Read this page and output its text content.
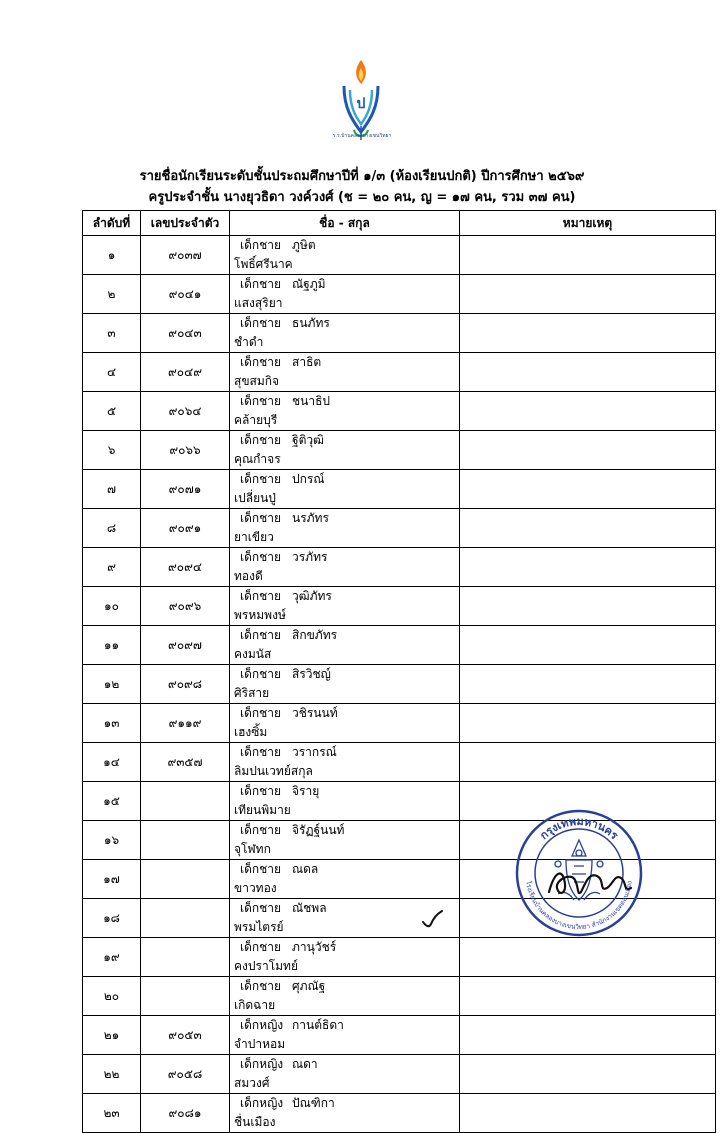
ป
ร.ร.บ้านคลองบางเขนวิทยา
รายชื่อนักเรียนระดับชั้นประถมศึกษาปีที่ ๑/๓ (ห้องเรียนปกติ) ปีการศึกษา ๒๕๖๙
ครูประจำชั้น นางยุวธิดา วงค์วงศ์ (ช = ๒๐ คน, ญ = ๑๗ คน, รวม ๓๗ คน)
ลำดับที่	เลขประจำตัว	ชื่อ - สกุล	หมายเหตุ
๑	๙๐๓๗	เด็กชาย ภูษิตโพธิ์ศรีนาค	
๒	๙๐๔๑	เด็กชาย ณัฐภูมิแสงสุริยา	
๓	๙๐๔๓	เด็กชาย ธนภัทรชำดำ	
๔	๙๐๔๙	เด็กชาย สาธิตสุขสมกิจ	
๕	๙๐๖๔	เด็กชาย ชนาธิปคล้ายบุรี	
๖	๙๐๖๖	เด็กชาย ฐิติวุฒิคุณกำจร	
๗	๙๐๗๑	เด็กชาย ปกรณ์เปลี่ยนปู่	
๘	๙๐๙๑	เด็กชาย นรภัทรยาเขียว	
๙	๙๐๙๔	เด็กชาย วรภัทรทองดี	
๑๐	๙๐๙๖	เด็กชาย วุฒิภัทรพรหมพงษ์	
๑๑	๙๐๙๗	เด็กชาย สิกขภัทรคงมนัส	
๑๒	๙๐๙๘	เด็กชาย สิรวิชญ์ศิริสาย	
๑๓	๙๑๑๙	เด็กชาย วชิรนนท์เฮงซิ้ม	
๑๔	๙๓๕๗	เด็กชาย วรากรณ์ลิมปนเวทย์สกุล	
๑๕		เด็กชาย จิรายุเทียนพิมาย	
๑๖		เด็กชาย จิรัฏฐ์นนท์จุโฬทก	
๑๗		เด็กชาย ณดลขาวทอง	
๑๘		เด็กชาย ณัชพลพรมไตรย์	
๑๙		เด็กชาย ภานุวัชร์คงปราโมทย์	
๒๐		เด็กชาย ศุภณัฐเกิดฉาย	
๒๑	๙๐๕๓	เด็กหญิง กานต์ธิดาจำปาหอม	
๒๒	๙๐๕๘	เด็กหญิง ณดาสมวงศ์	
๒๓	๙๐๘๑	เด็กหญิง ปัณฑิกาชื่นเมือง	
กรุงเทพมหานคร
โรงเรียนบ้านคลองบางเขนวิทยา สำนักงานเขตดอนเมือง
